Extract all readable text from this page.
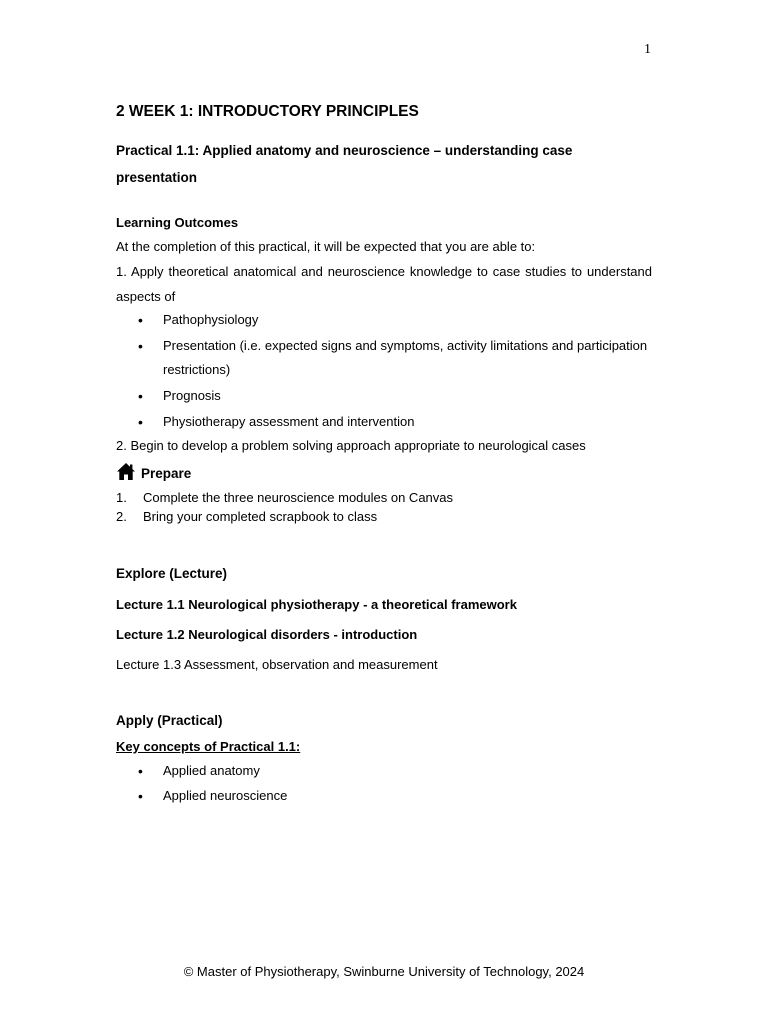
1
2 WEEK 1: INTRODUCTORY PRINCIPLES
Practical 1.1: Applied anatomy and neuroscience – understanding case presentation
Learning Outcomes
At the completion of this practical, it will be expected that you are able to:
1. Apply theoretical anatomical and neuroscience knowledge to case studies to understand aspects of
• Pathophysiology
• Presentation (i.e. expected signs and symptoms, activity limitations and participation restrictions)
• Prognosis
• Physiotherapy assessment and intervention
2. Begin to develop a problem solving approach appropriate to neurological cases
Prepare
1.	Complete the three neuroscience modules on Canvas
2.	Bring your completed scrapbook to class
Explore (Lecture)
Lecture 1.1 Neurological physiotherapy - a theoretical framework
Lecture 1.2 Neurological disorders - introduction
Lecture 1.3 Assessment, observation and measurement
Apply (Practical)
Key concepts of Practical 1.1:
• Applied anatomy
• Applied neuroscience
© Master of Physiotherapy, Swinburne University of Technology, 2024
